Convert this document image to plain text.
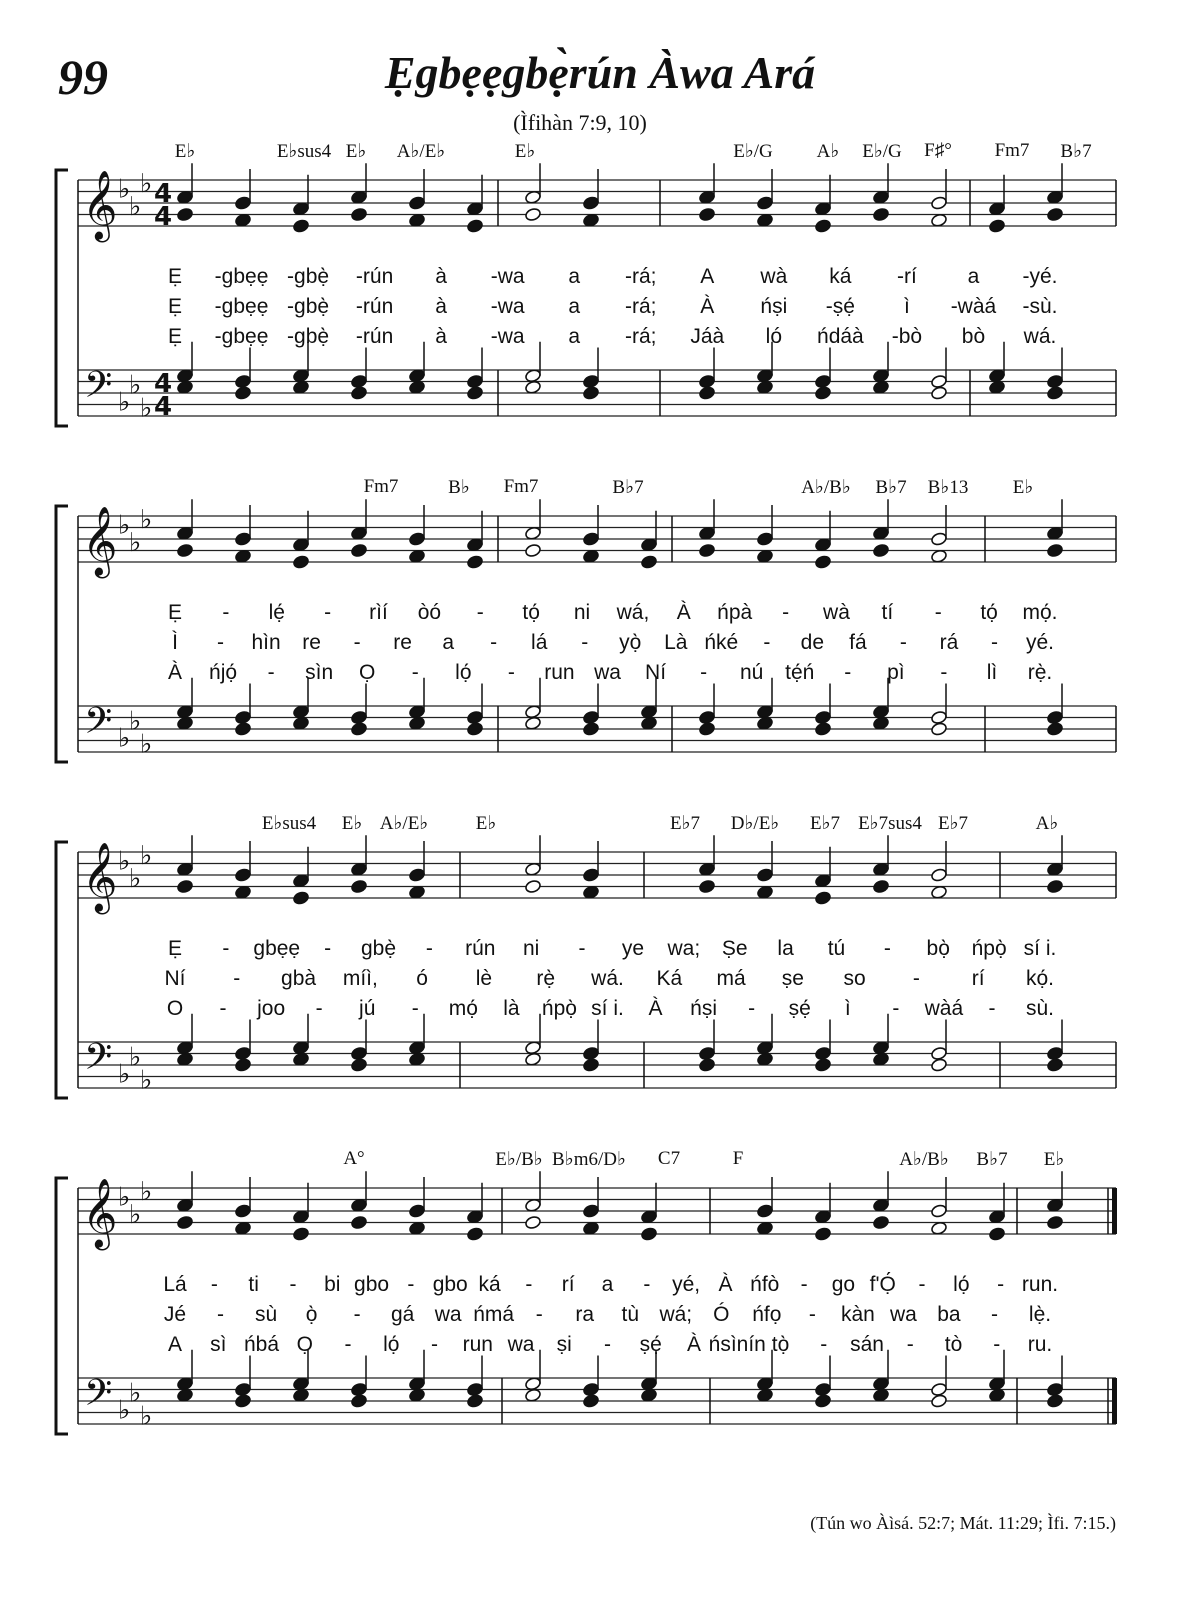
99	Ẹgbẹẹgbẹ̀rún Àwa Ará
(Ìfihàn 7:9, 10)
(Tún wo Àìsá. 52:7; Mát. 11:29; Ìfi. 7:15.)
𝄞
𝄢
♭
♭
♭
♭
♭
♭
4
4
4
4
𝄞
𝄢
♭
♭
♭
♭
♭
♭
𝄞
𝄢
♭
♭
♭
♭
♭
♭
𝄞
𝄢
♭
♭
♭
♭
♭
♭
E♭	E♭sus4 E♭ A♭/E♭	E♭	E♭/G A♭ E♭/G F♯° Fm7 B♭7
Ẹ -gbẹẹ -gbẹ̀ -rún à -wa a -rá; A wà ká -rí a -yé.
Ẹ -gbẹẹ -gbẹ̀ -rún à -wa a -rá; À ńṣi -ṣẹ́ ì -wàá -sù.
Ẹ -gbẹẹ -gbẹ̀ -rún à -wa a -rá; Jáà ló ńdáà -bò bò wá.
Fm7	B♭ Fm7	B♭7	A♭/B♭ B♭7 B♭13 E♭
Ẹ - lẹ́ - rìí òó - tọ́ ni wá, À ńpà - wà tí - tọ́ mọ́.
Ì - hìn re - re a - lá - yọ̀ Là ńké - de fá - rá - yé.
À ńjọ́ - sìn Ọ - lọ́ - run wa Ní - nú tẹ́ń - pì - lì rẹ̀.
E♭sus4 E♭ A♭/E♭ E♭	E♭7 D♭/E♭ E♭7 E♭7sus4 E♭7	A♭
Ẹ - gbẹẹ - gbẹ̀ - rún ni - ye wa; Ṣe la tú - bọ̀ ńpọ̀ sí i.
Ní - gbà míì, ó lè rẹ̀ wá. Ká má ṣe so - rí kọ́.
O - joo - jú - mọ́ là ńpọ̀ sí i. À ńṣi - ṣẹ́ ì - wàá - sù.
A°	E♭/B♭ B♭m6/D♭ C7	F	A♭/B♭ B♭7 E♭
Lá - ti - bi gbo - gbo ká - rí a - yé, À ńfò - go f'Ọ́ - lọ́ - run.
Jé - sù ọ̀ - gá wa ńmá - ra tù wá; Ó ńfọ - kàn wa ba - lẹ̀.
A sì ńbá Ọ - lọ́ - run wa ṣi - ṣẹ́ À ńsìnín tọ̀ - sán - tò - ru.
